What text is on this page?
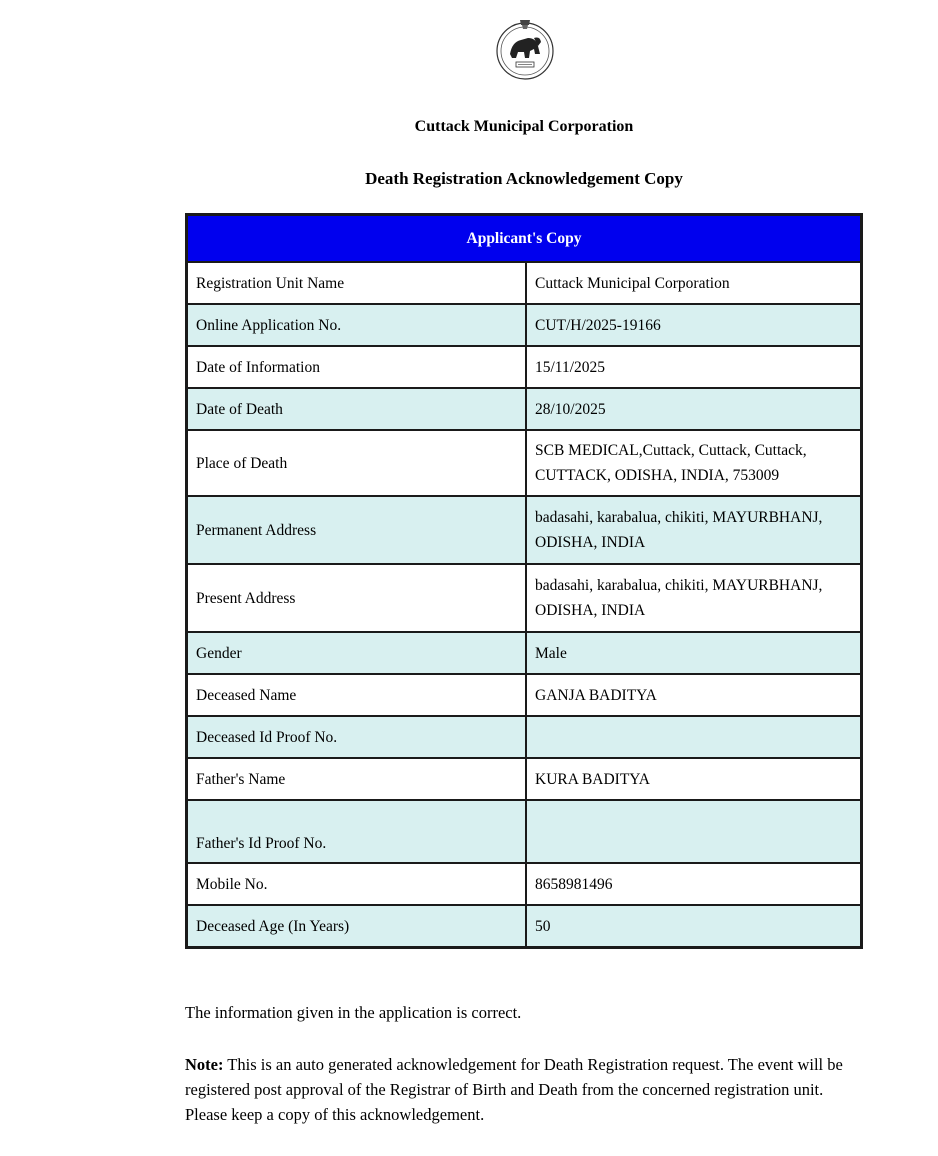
Cuttack Municipal Corporation
Death Registration Acknowledgement Copy
Applicant's Copy	
Registration Unit Name	Cuttack Municipal Corporation
Online Application No.	CUT/H/2025-19166
Date of Information	15/11/2025
Date of Death	28/10/2025
Place of Death	SCB MEDICAL,Cuttack, Cuttack, Cuttack, CUTTACK, ODISHA, INDIA, 753009
Permanent Address	badasahi, karabalua, chikiti, MAYURBHANJ, ODISHA, INDIA
Present Address	badasahi, karabalua, chikiti, MAYURBHANJ, ODISHA, INDIA
Gender	Male
Deceased Name	GANJA BADITYA
Deceased Id Proof No.	
Father's Name	KURA BADITYA
Father's Id Proof No.	
Mobile No.	8658981496
Deceased Age (In Years)	50
The information given in the application is correct.
Note: This is an auto generated acknowledgement for Death Registration request. The event will be registered post approval of the Registrar of Birth and Death from the concerned registration unit. Please keep a copy of this acknowledgement.
